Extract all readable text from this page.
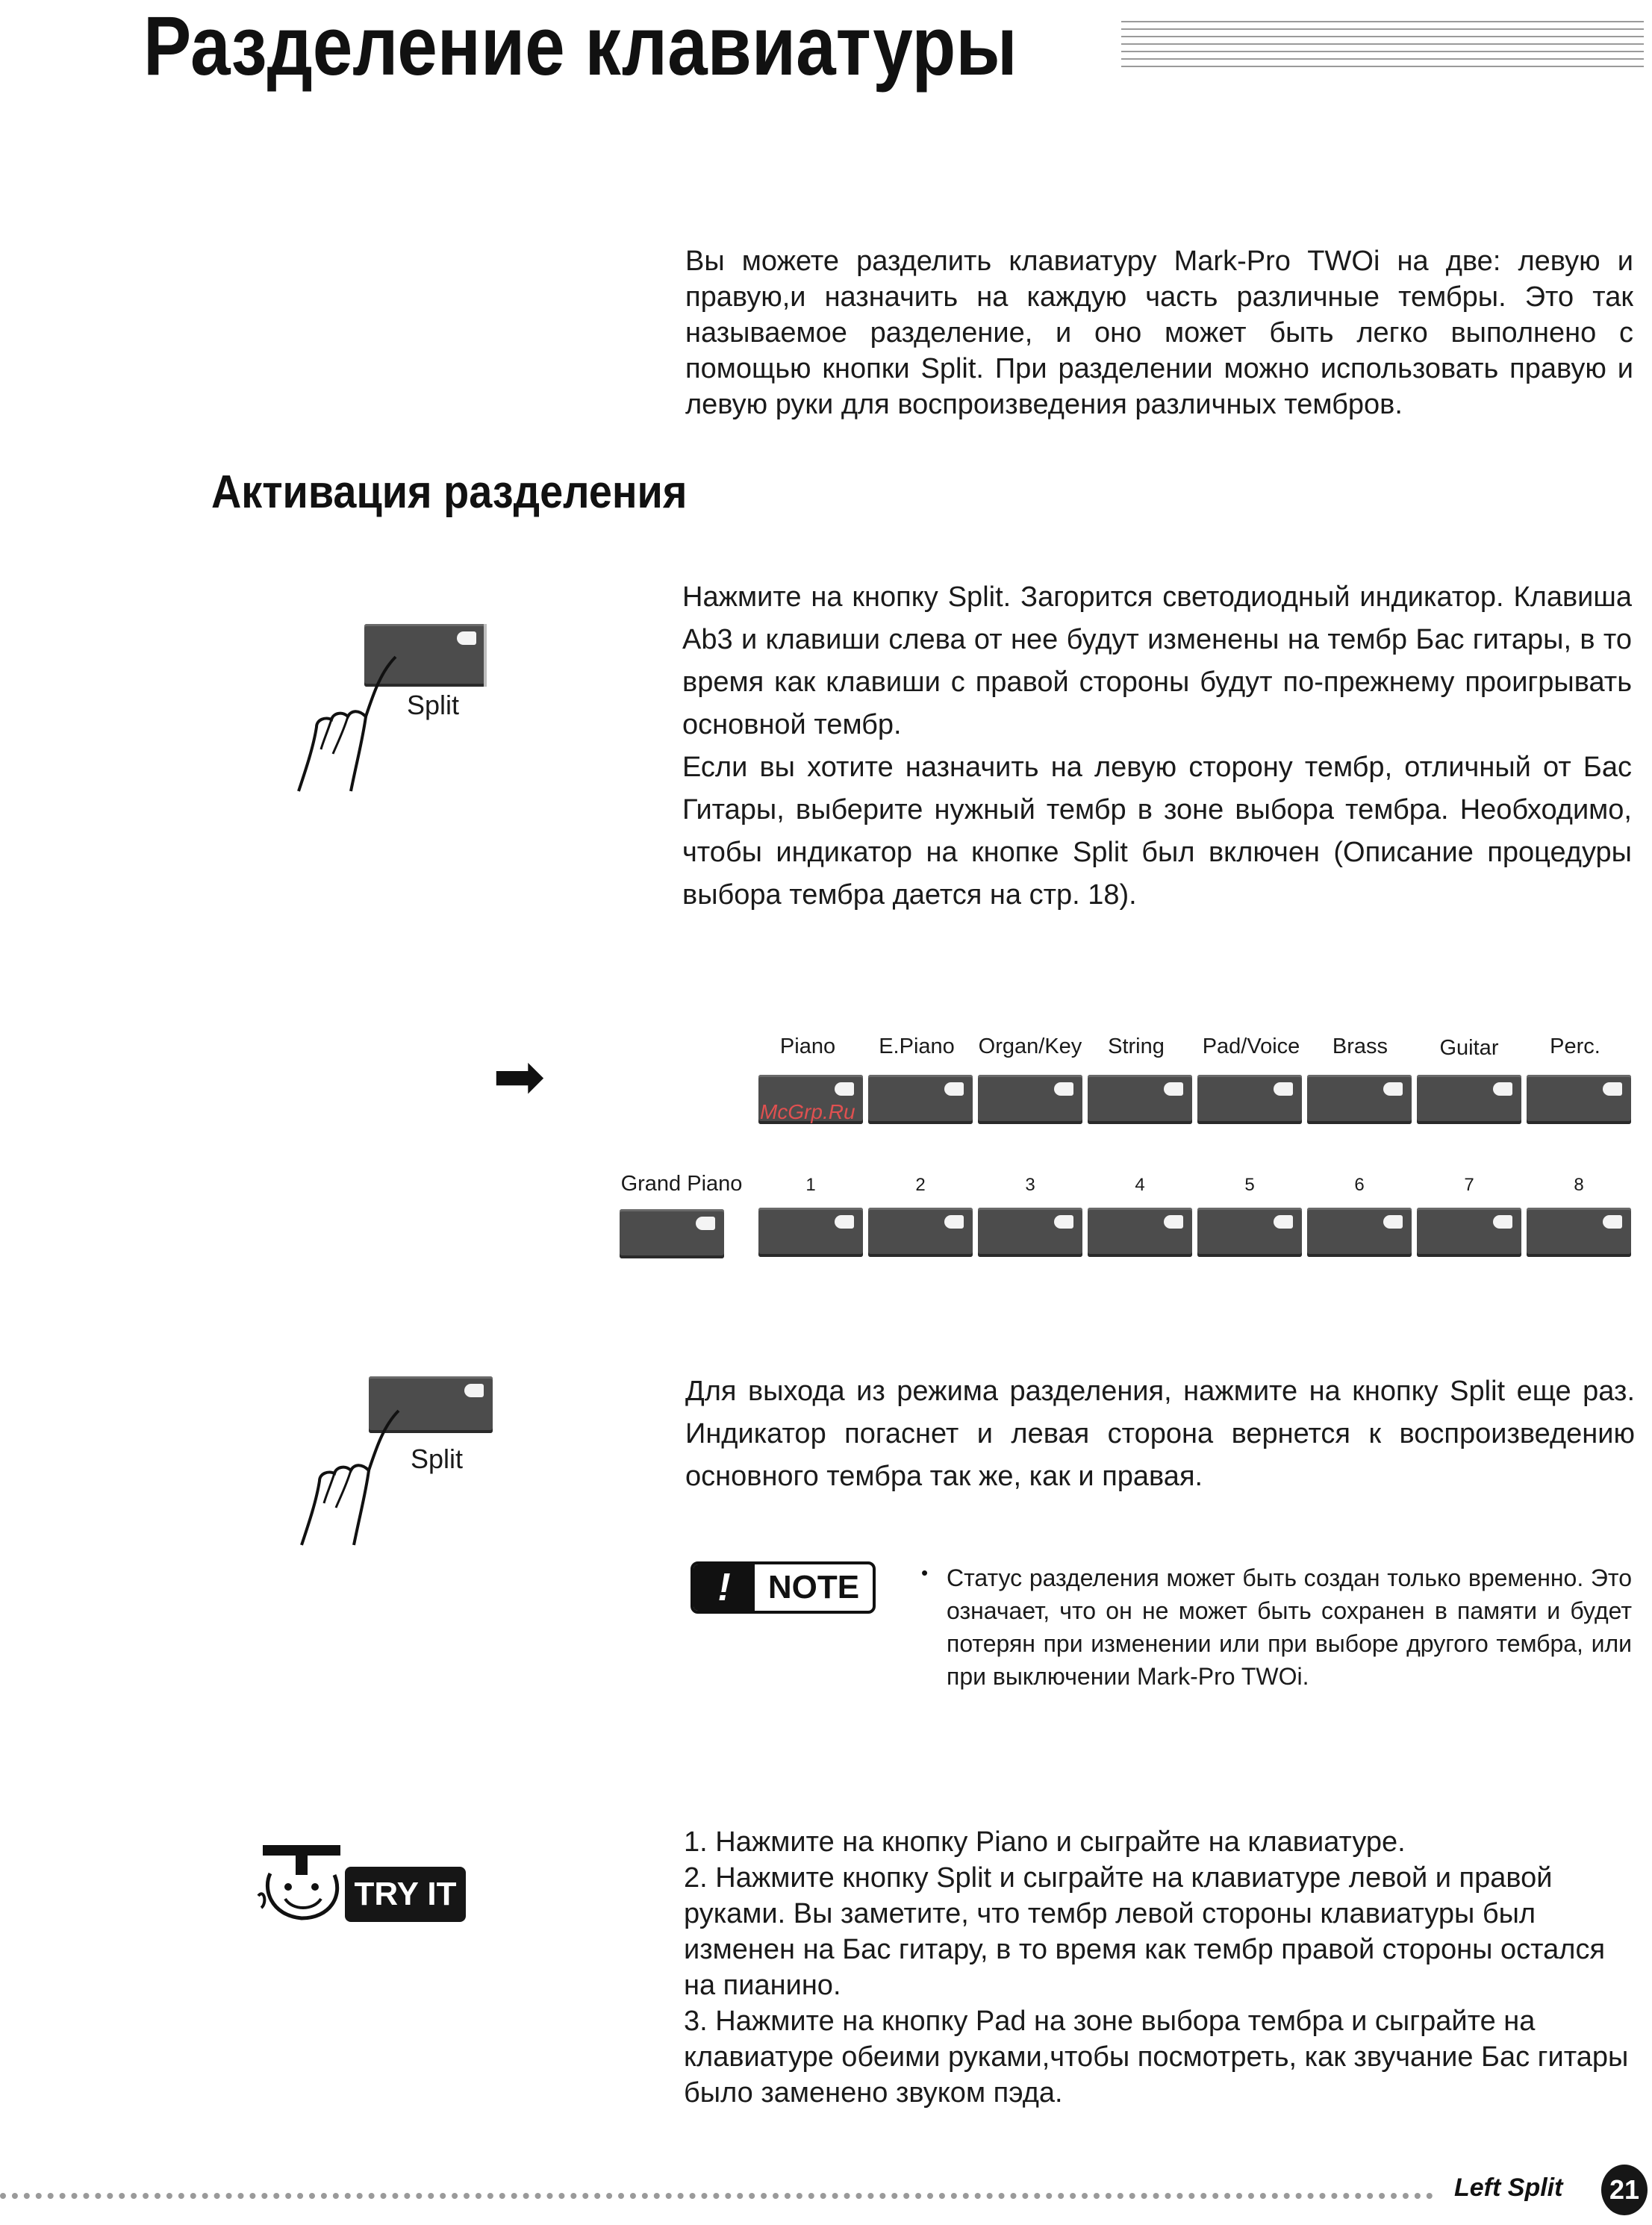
Разделение клавиатуры

Вы можете разделить клавиатуру Mark-Pro TWOi на две: левую и правую,и назначить на каждую часть различные тембры. Это так называемое разделение, и оно может быть легко выполнено с помощью кнопки Split. При разделении можно использовать правую и левую руки для воспроизведения различных тембров.

Активация разделения
Split

Нажмите на кнопку Split. Загорится светодиодный индикатор. Клавиша Ab3 и клавиши слева от нее будут изменены на тембр Бас гитары, в то время как клавиши с правой стороны будут по-прежнему проигрывать основной тембр.

Если вы хотите назначить на левую сторону тембр, отличный от Бас Гитары, выберите нужный тембр в зоне выбора тембра. Необходимо, чтобы индикатор на кнопке Split был включен (Описание процедуры выбора тембра дается на стр. 18).

➡	Piano	E.Piano	Organ/Key	String	Pad/Voice	Brass	Guitar	Perc.
McGrp.Ru
Grand Piano	1	2	3	4	5	6	7	8
Split

Для выхода из режима разделения, нажмите на кнопку Split еще раз. Индикатор погаснет и левая сторона вернется к воспроизведению основного тембра так же, как и правая.

!	NOTE	• Статус разделения может быть создан только временно. Это означает, что он не может быть сохранен в памяти и будет потерян при изменении или при выборе другого тембра, или при выключении Mark-Pro TWOi.

TRY IT

1. Нажмите на кнопку Piano и сыграйте на клавиатуре.

2. Нажмите кнопку Split и сыграйте на клавиатуре левой и правой руками. Вы заметите, что тембр левой стороны клавиатуры был изменен на Бас гитару, в то время как тембр правой стороны остался на пианино.

3. Нажмите на кнопку Pad на зоне выбора тембра и сыграйте на клавиатуре обеими руками,чтобы посмотреть, как звучание Бас гитары было заменено звуком пэда.

Left Split	21
